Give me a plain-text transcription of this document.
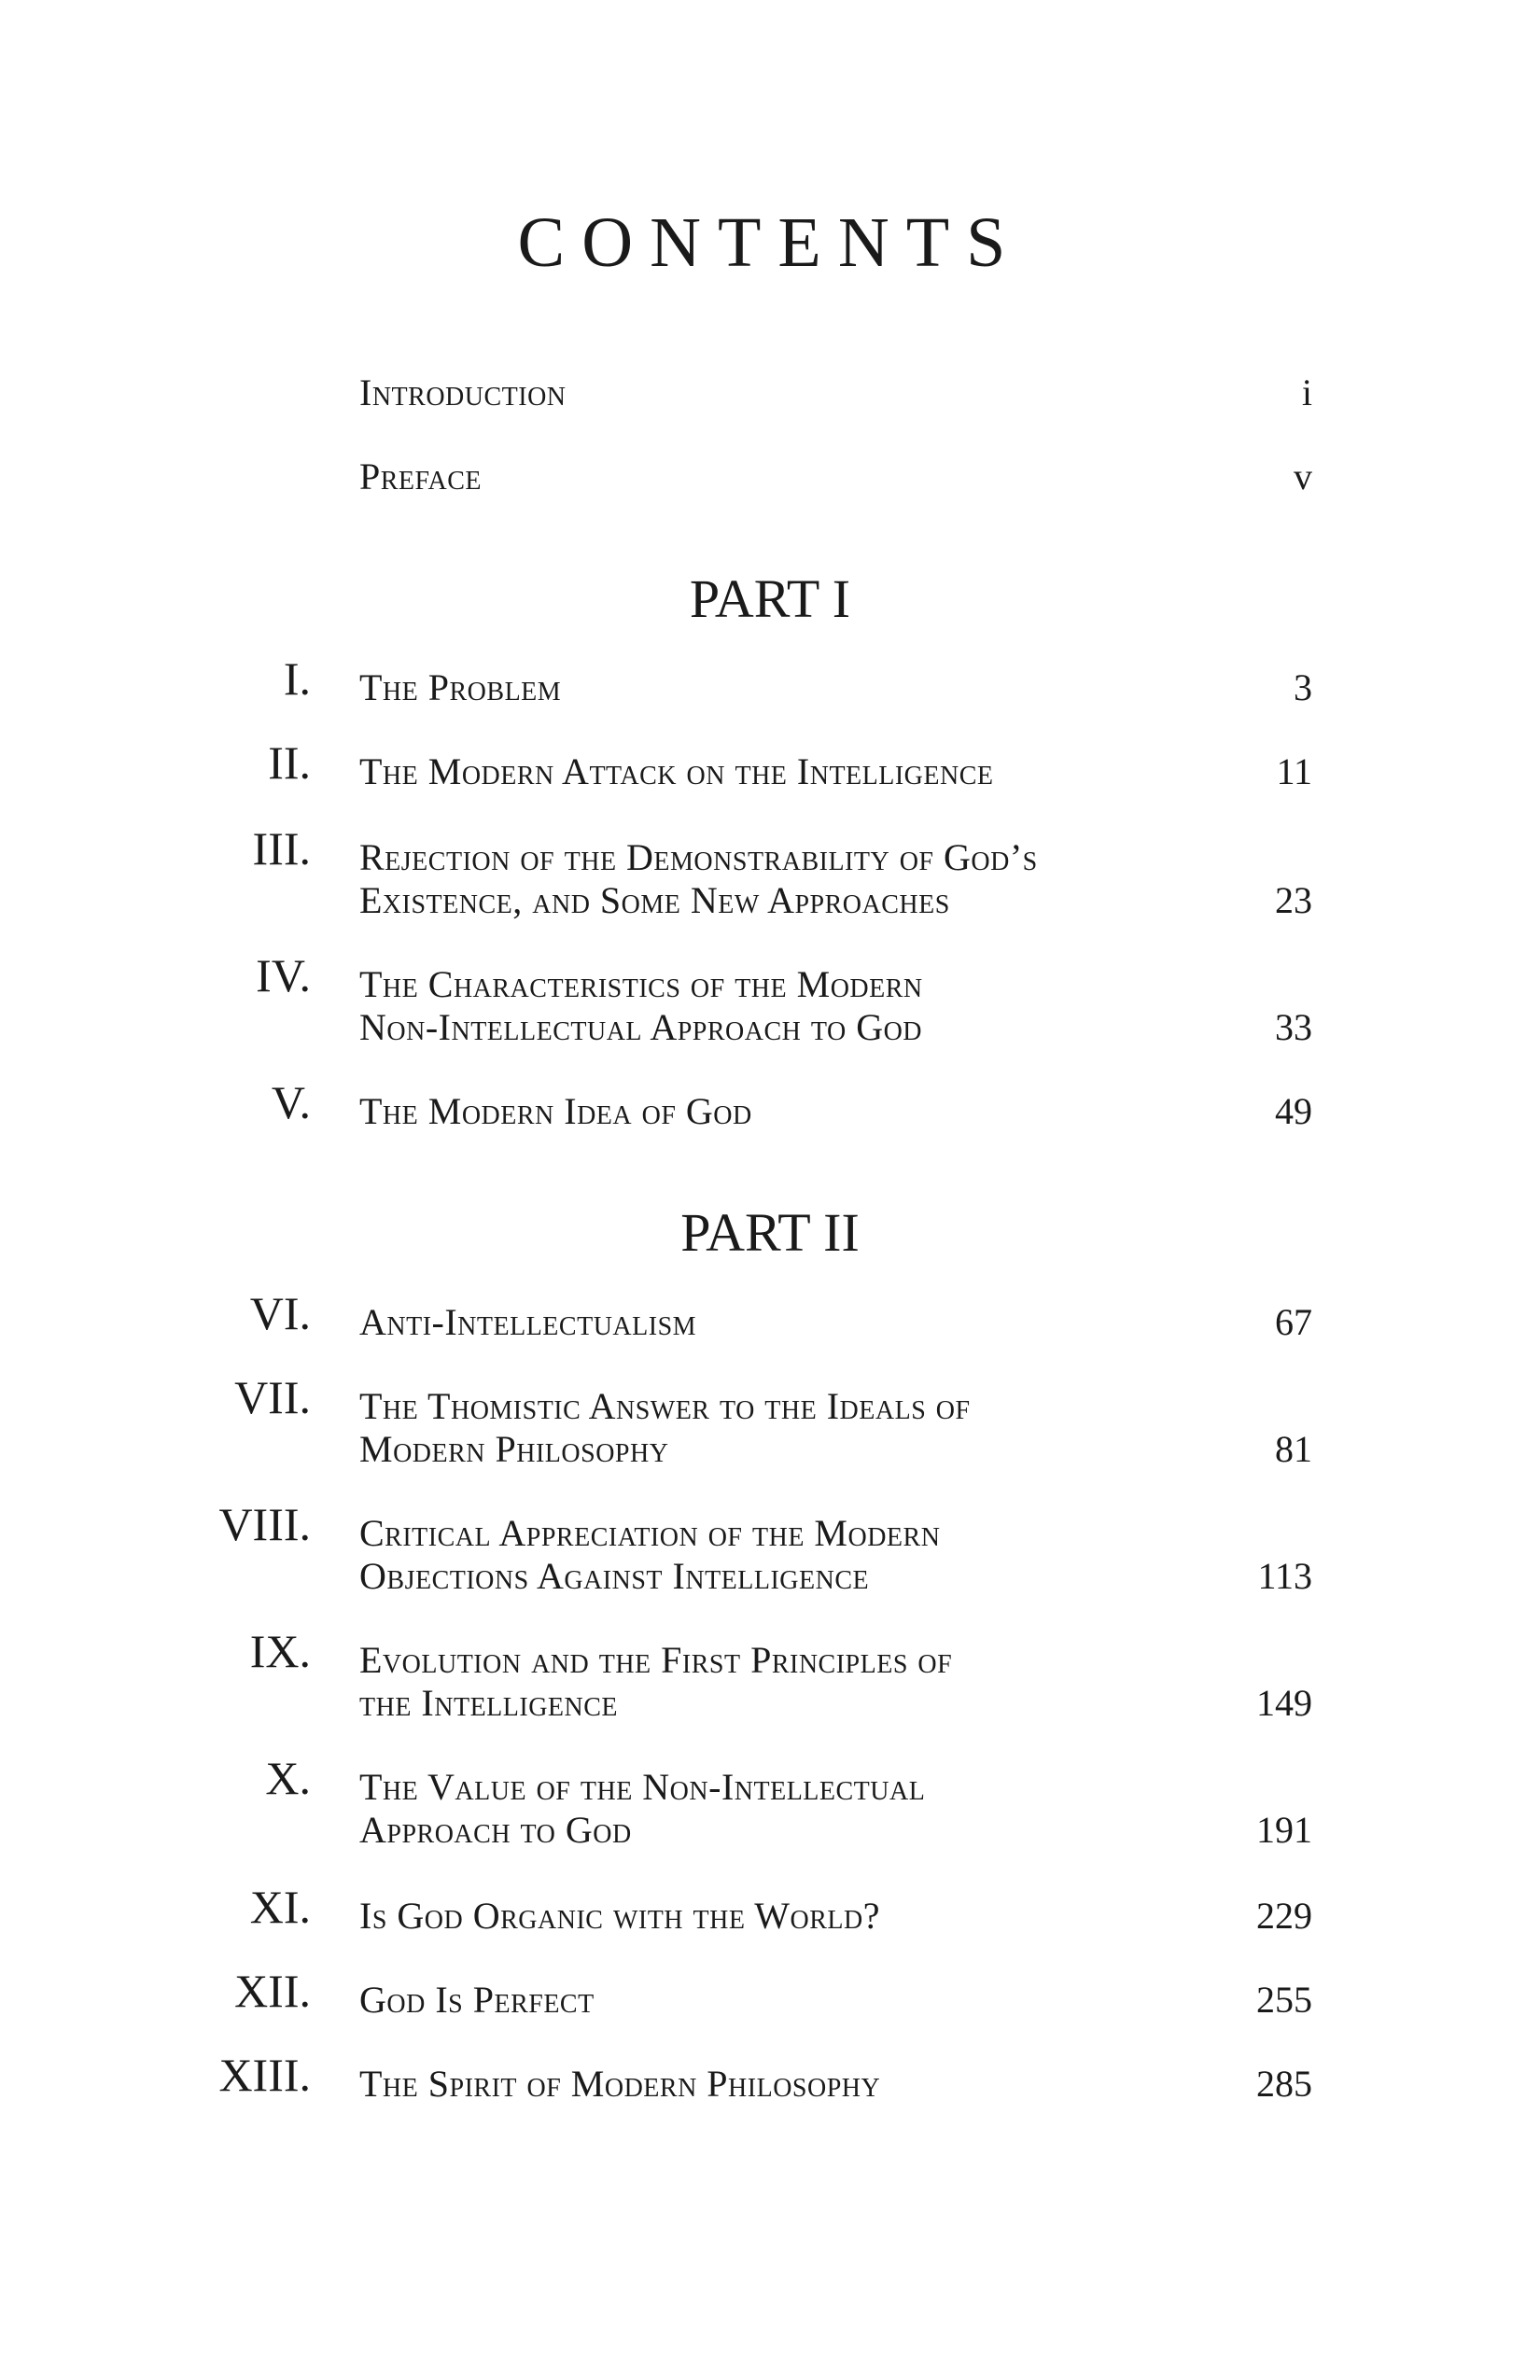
CONTENTS
Introduction	i
Preface	v
PART I
I. The Problem	3
II. The Modern Attack on the Intelligence	11
III. Rejection of the Demonstrability of God’s
Existence, and Some New Approaches	23
IV. The Characteristics of the Modern
Non-Intellectual Approach to God	33
V. The Modern Idea of God	49
PART II
VI. Anti-Intellectualism	67
VII. The Thomistic Answer to the Ideals of
Modern Philosophy	81
VIII. Critical Appreciation of the Modern
Objections Against Intelligence	113
IX. Evolution and the First Principles of
the Intelligence	149
X. The Value of the Non-Intellectual
Approach to God	191
XI. Is God Organic with the World?	229
XII. God Is Perfect	255
XIII. The Spirit of Modern Philosophy	285
